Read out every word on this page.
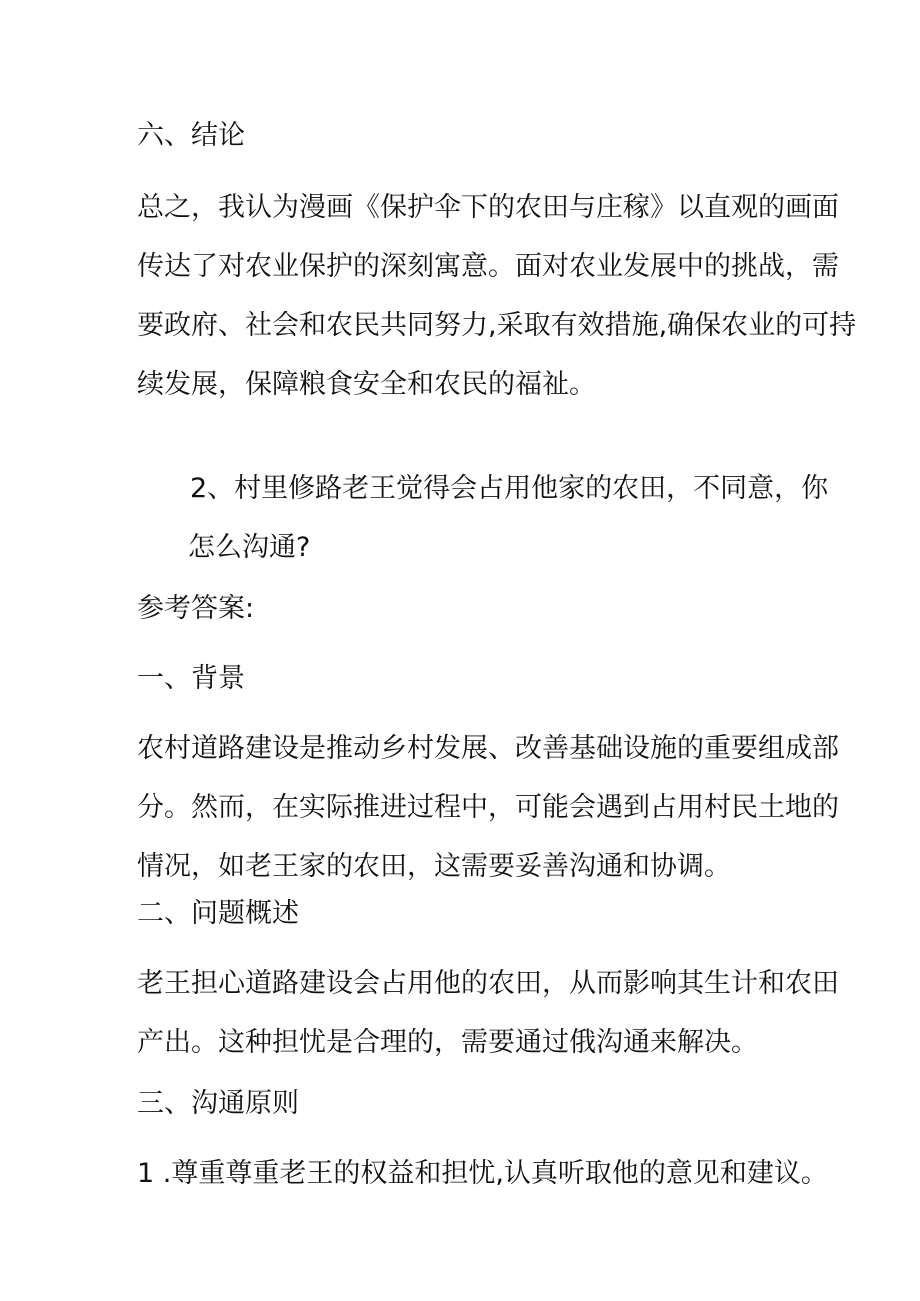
六、结论

总之，我认为漫画《保护伞下的农田与庄稼》以直观的画面
传达了对农业保护的深刻寓意。面对农业发展中的挑战，需
要政府、社会和农民共同努力,采取有效措施,确保农业的可持
续发展，保障粮食安全和农民的福祉。

2、村里修路老王觉得会占用他家的农田，不同意，你
怎么沟通?

参考答案:

一、背景

农村道路建设是推动乡村发展、改善基础设施的重要组成部
分。然而，在实际推进过程中，可能会遇到占用村民土地的
情况，如老王家的农田，这需要妥善沟通和协调。

二、问题概述

老王担心道路建设会占用他的农田，从而影响其生计和农田
产出。这种担忧是合理的，需要通过俄沟通来解决。

三、沟通原则

1 .尊重尊重老王的权益和担忧,认真听取他的意见和建议。
